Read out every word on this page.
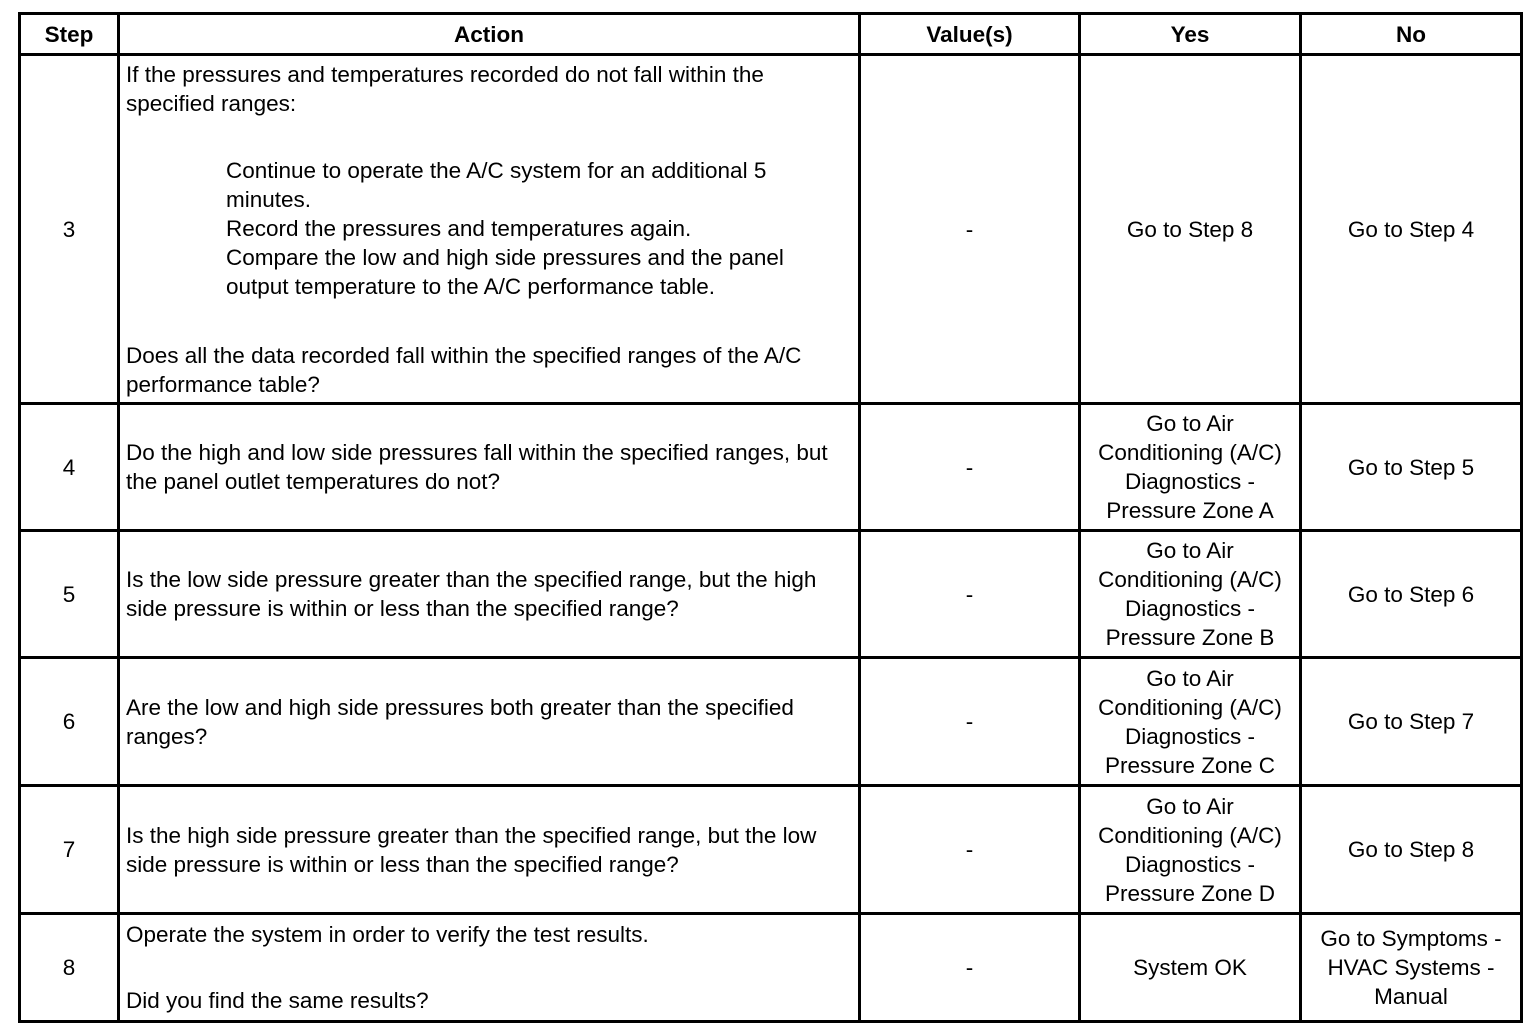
Step	Action	Value(s)	Yes	No
3	If the pressures and temperatures recorded do not fall within the specified ranges:
Continue to operate the A/C system for an additional 5 minutes.
Record the pressures and temperatures again.
Compare the low and high side pressures and the panel output temperature to the A/C performance table.
Does all the data recorded fall within the specified ranges of the A/C performance table?	-	Go to Step 8	Go to Step 4
4	Do the high and low side pressures fall within the specified ranges, but the panel outlet temperatures do not?	-	Go to Air Conditioning (A/C) Diagnostics - Pressure Zone A	Go to Step 5
5	Is the low side pressure greater than the specified range, but the high side pressure is within or less than the specified range?	-	Go to Air Conditioning (A/C) Diagnostics - Pressure Zone B	Go to Step 6
6	Are the low and high side pressures both greater than the specified ranges?	-	Go to Air Conditioning (A/C) Diagnostics - Pressure Zone C	Go to Step 7
7	Is the high side pressure greater than the specified range, but the low side pressure is within or less than the specified range?	-	Go to Air Conditioning (A/C) Diagnostics - Pressure Zone D	Go to Step 8
8	Operate the system in order to verify the test results.
Did you find the same results?	-	System OK	Go to Symptoms - HVAC Systems - Manual
